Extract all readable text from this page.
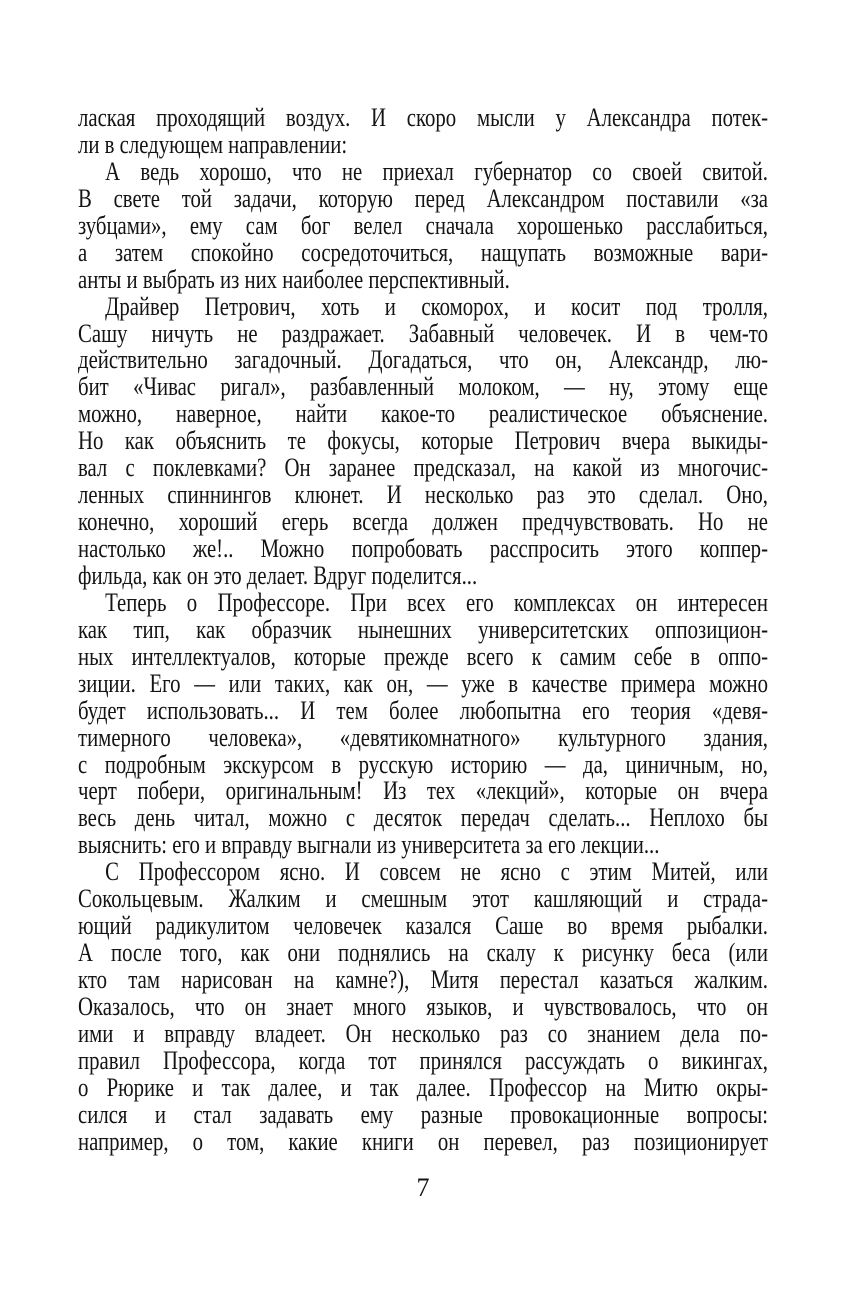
лаская проходящий воздух. И скоро мысли у Александра потек-
ли в следующем направлении:
А ведь хорошо, что не приехал губернатор со своей свитой.
В свете той задачи, которую перед Александром поставили «за
зубцами», ему сам бог велел сначала хорошенько расслабиться,
а затем спокойно сосредоточиться, нащупать возможные вари-
анты и выбрать из них наиболее перспективный.
Драйвер Петрович, хоть и скоморох, и косит под тролля,
Сашу ничуть не раздражает. Забавный человечек. И в чем-то
действительно загадочный. Догадаться, что он, Александр, лю-
бит «Чивас ригал», разбавленный молоком, — ну, этому еще
можно, наверное, найти какое-то реалистическое объяснение.
Но как объяснить те фокусы, которые Петрович вчера выкиды-
вал с поклевками? Он заранее предсказал, на какой из многочис-
ленных спиннингов клюнет. И несколько раз это сделал. Оно,
конечно, хороший егерь всегда должен предчувствовать. Но не
настолько же!.. Можно попробовать расспросить этого коппер-
фильда, как он это делает. Вдруг поделится...
Теперь о Профессоре. При всех его комплексах он интересен
как тип, как образчик нынешних университетских оппозицион-
ных интеллектуалов, которые прежде всего к самим себе в оппо-
зиции. Его — или таких, как он, — уже в качестве примера можно
будет использовать... И тем более любопытна его теория «девя-
тимерного человека», «девятикомнатного» культурного здания,
с подробным экскурсом в русскую историю — да, циничным, но,
черт побери, оригинальным! Из тех «лекций», которые он вчера
весь день читал, можно с десяток передач сделать... Неплохо бы
выяснить: его и вправду выгнали из университета за его лекции...
С Профессором ясно. И совсем не ясно с этим Митей, или
Сокольцевым. Жалким и смешным этот кашляющий и страда-
ющий радикулитом человечек казался Саше во время рыбалки.
А после того, как они поднялись на скалу к рисунку беса (или
кто там нарисован на камне?), Митя перестал казаться жалким.
Оказалось, что он знает много языков, и чувствовалось, что он
ими и вправду владеет. Он несколько раз со знанием дела по-
правил Профессора, когда тот принялся рассуждать о викингах,
о Рюрике и так далее, и так далее. Профессор на Митю окры-
сился и стал задавать ему разные провокационные вопросы:
например, о том, какие книги он перевел, раз позиционирует
7
